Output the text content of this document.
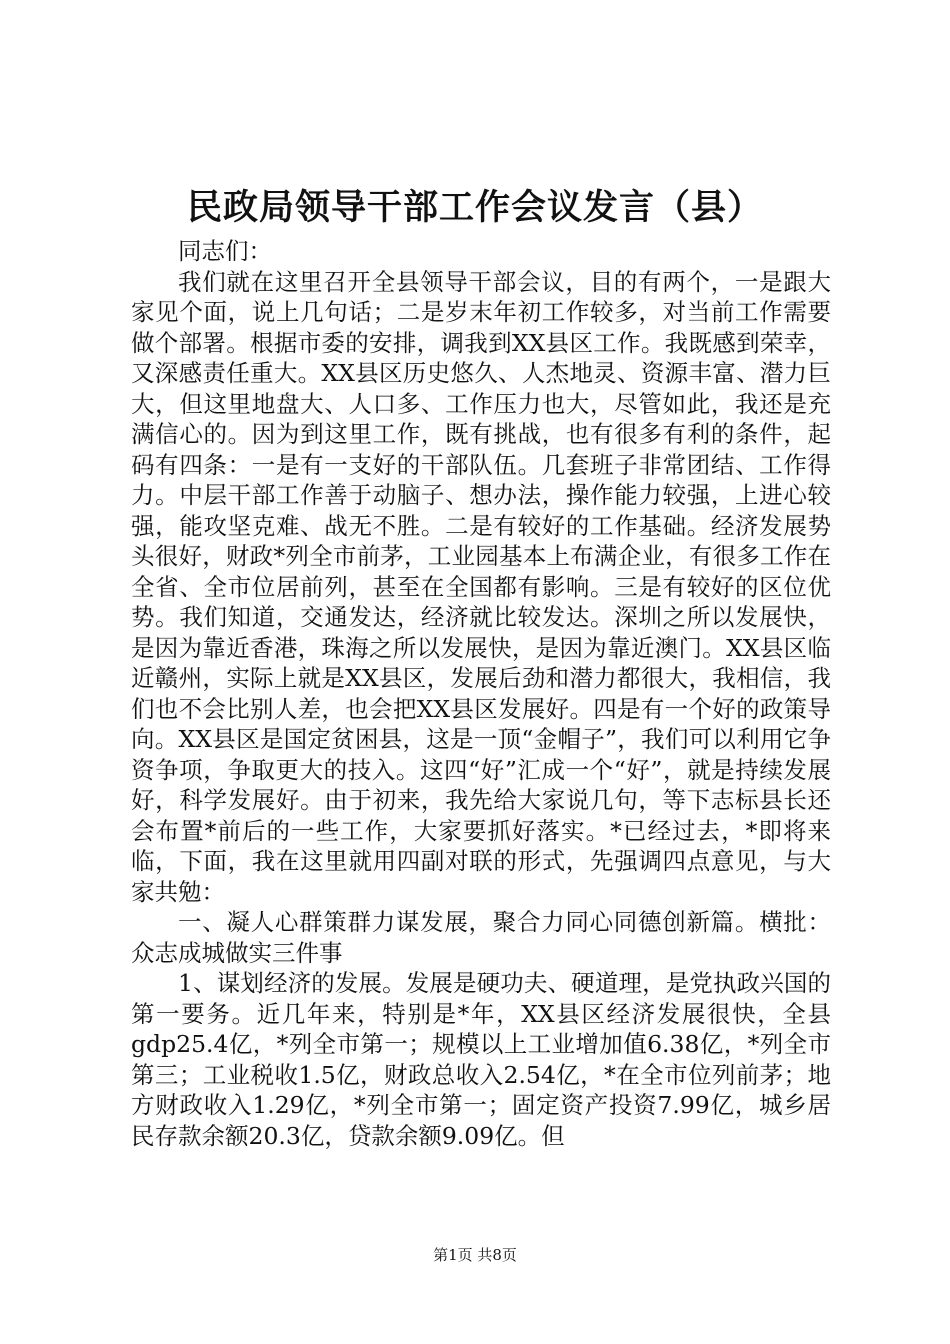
民政局领导干部工作会议发言（县）

同志们：

我们就在这里召开全县领导干部会议，目的有两个，一是跟大家见个面，说上几句话；二是岁末年初工作较多，对当前工作需要做个部署。根据市委的安排，调我到XX县区工作。我既感到荣幸，又深感责任重大。XX县区历史悠久、人杰地灵、资源丰富、潜力巨大，但这里地盘大、人口多、工作压力也大，尽管如此，我还是充满信心的。因为到这里工作，既有挑战，也有很多有利的条件，起码有四条：一是有一支好的干部队伍。几套班子非常团结、工作得力。中层干部工作善于动脑子、想办法，操作能力较强，上进心较强，能攻坚克难、战无不胜。二是有较好的工作基础。经济发展势头很好，财政*列全市前茅，工业园基本上布满企业，有很多工作在全省、全市位居前列，甚至在全国都有影响。三是有较好的区位优势。我们知道，交通发达，经济就比较发达。深圳之所以发展快，是因为靠近香港，珠海之所以发展快，是因为靠近澳门。XX县区临近赣州，实际上就是XX县区，发展后劲和潜力都很大，我相信，我们也不会比别人差，也会把XX县区发展好。四是有一个好的政策导向。XX县区是国定贫困县，这是一顶“金帽子”，我们可以利用它争资争项，争取更大的技入。这四“好”汇成一个“好”，就是持续发展好，科学发展好。由于初来，我先给大家说几句，等下志标县长还会布置*前后的一些工作，大家要抓好落实。*已经过去，*即将来临，下面，我在这里就用四副对联的形式，先强调四点意见，与大家共勉：

一、凝人心群策群力谋发展，聚合力同心同德创新篇。横批：众志成城做实三件事

1、谋划经济的发展。发展是硬功夫、硬道理，是党执政兴国的第一要务。近几年来，特别是*年，XX县区经济发展很快，全县gdp25.4亿，*列全市第一；规模以上工业增加值6.38亿，*列全市第三；工业税收1.5亿，财政总收入2.54亿，*在全市位列前茅；地方财政收入1.29亿，*列全市第一；固定资产投资7.99亿，城乡居民存款余额20.3亿，贷款余额9.09亿。但

第1页 共8页
